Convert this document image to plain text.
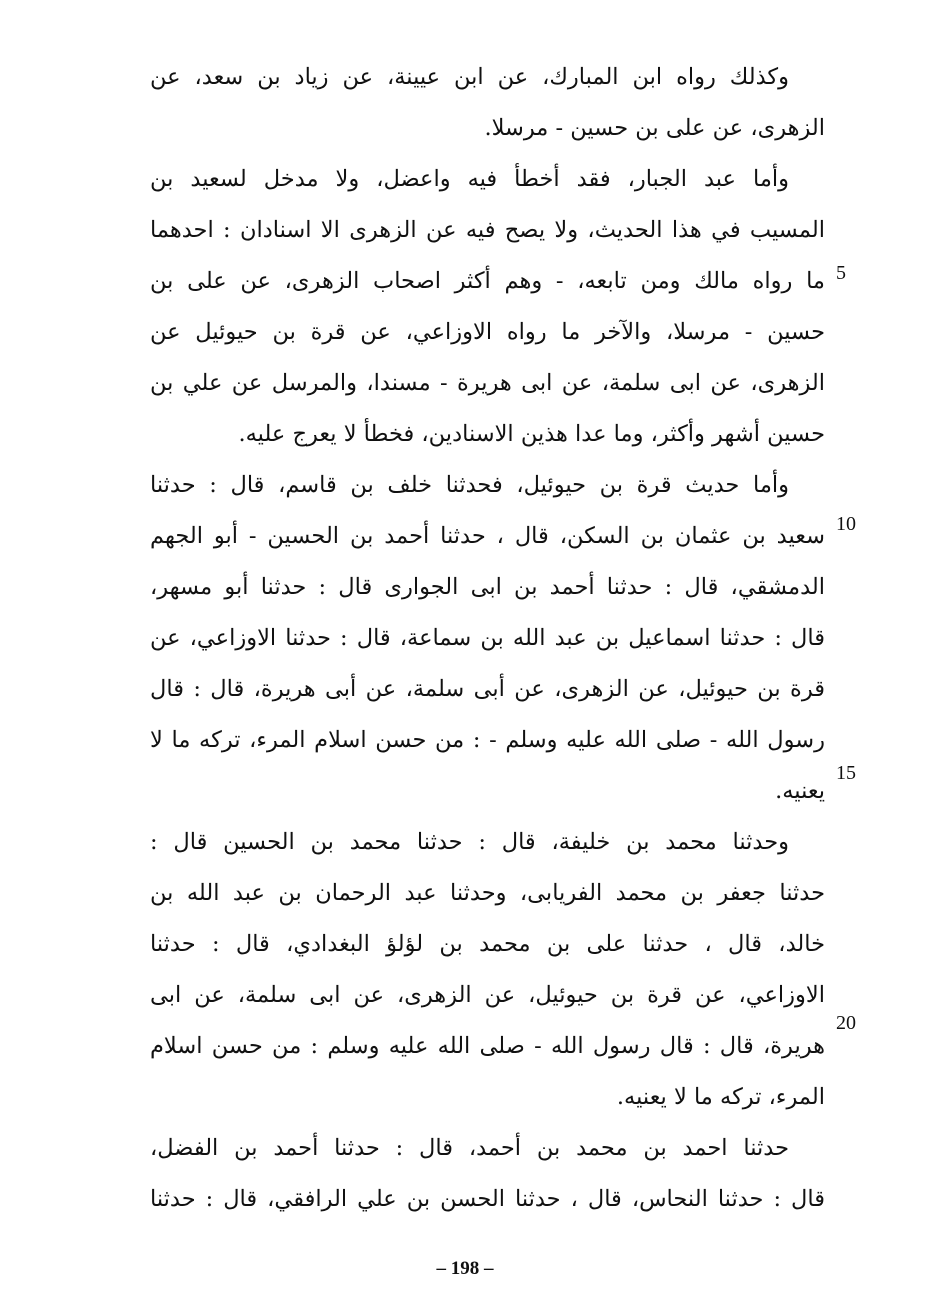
وكذلك رواه ابن المبارك، عن ابن عيينة، عن زياد بن سعد، عن
الزهرى، عن على بن حسين - مرسلا.
وأما عبد الجبار، فقد أخطأ فيه واعضل، ولا مدخل لسعيد بن
المسيب في هذا الحديث، ولا يصح فيه عن الزهرى الا اسنادان : احدهما
ما رواه مالك ومن تابعه، - وهم أكثر اصحاب الزهرى، عن على بن
حسين - مرسلا، والآخر ما رواه الاوزاعي، عن قرة بن حيوئيل عن
الزهرى، عن ابى سلمة، عن ابى هريرة - مسندا، والمرسل عن علي بن
حسين أشهر وأكثر، وما عدا هذين الاسنادين، فخطأ لا يعرج عليه.
وأما حديث قرة بن حيوئيل، فحدثنا خلف بن قاسم، قال : حدثنا
سعيد بن عثمان بن السكن، قال ، حدثنا أحمد بن الحسين - أبو الجهم
الدمشقي، قال : حدثنا أحمد بن ابى الجوارى قال : حدثنا أبو مسهر،
قال : حدثنا اسماعيل بن عبد الله بن سماعة، قال : حدثنا الاوزاعي، عن
قرة بن حيوئيل، عن الزهرى، عن أبى سلمة، عن أبى هريرة، قال : قال
رسول الله - صلى الله عليه وسلم - : من حسن اسلام المرء، تركه ما لا
يعنيه.
وحدثنا محمد بن خليفة، قال : حدثنا محمد بن الحسين قال :
حدثنا جعفر بن محمد الفريابى، وحدثنا عبد الرحمان بن عبد الله بن
خالد، قال ، حدثنا على بن محمد بن لؤلؤ البغدادي، قال : حدثنا
الاوزاعي، عن قرة بن حيوئيل، عن الزهرى، عن ابى سلمة، عن ابى
هريرة، قال : قال رسول الله - صلى الله عليه وسلم : من حسن اسلام
المرء، تركه ما لا يعنيه.
حدثنا احمد بن محمد بن أحمد، قال : حدثنا أحمد بن الفضل،
قال : حدثنا النحاس، قال ، حدثنا الحسن بن علي الرافقي، قال : حدثنا
5
10
15
20
– 198 –
